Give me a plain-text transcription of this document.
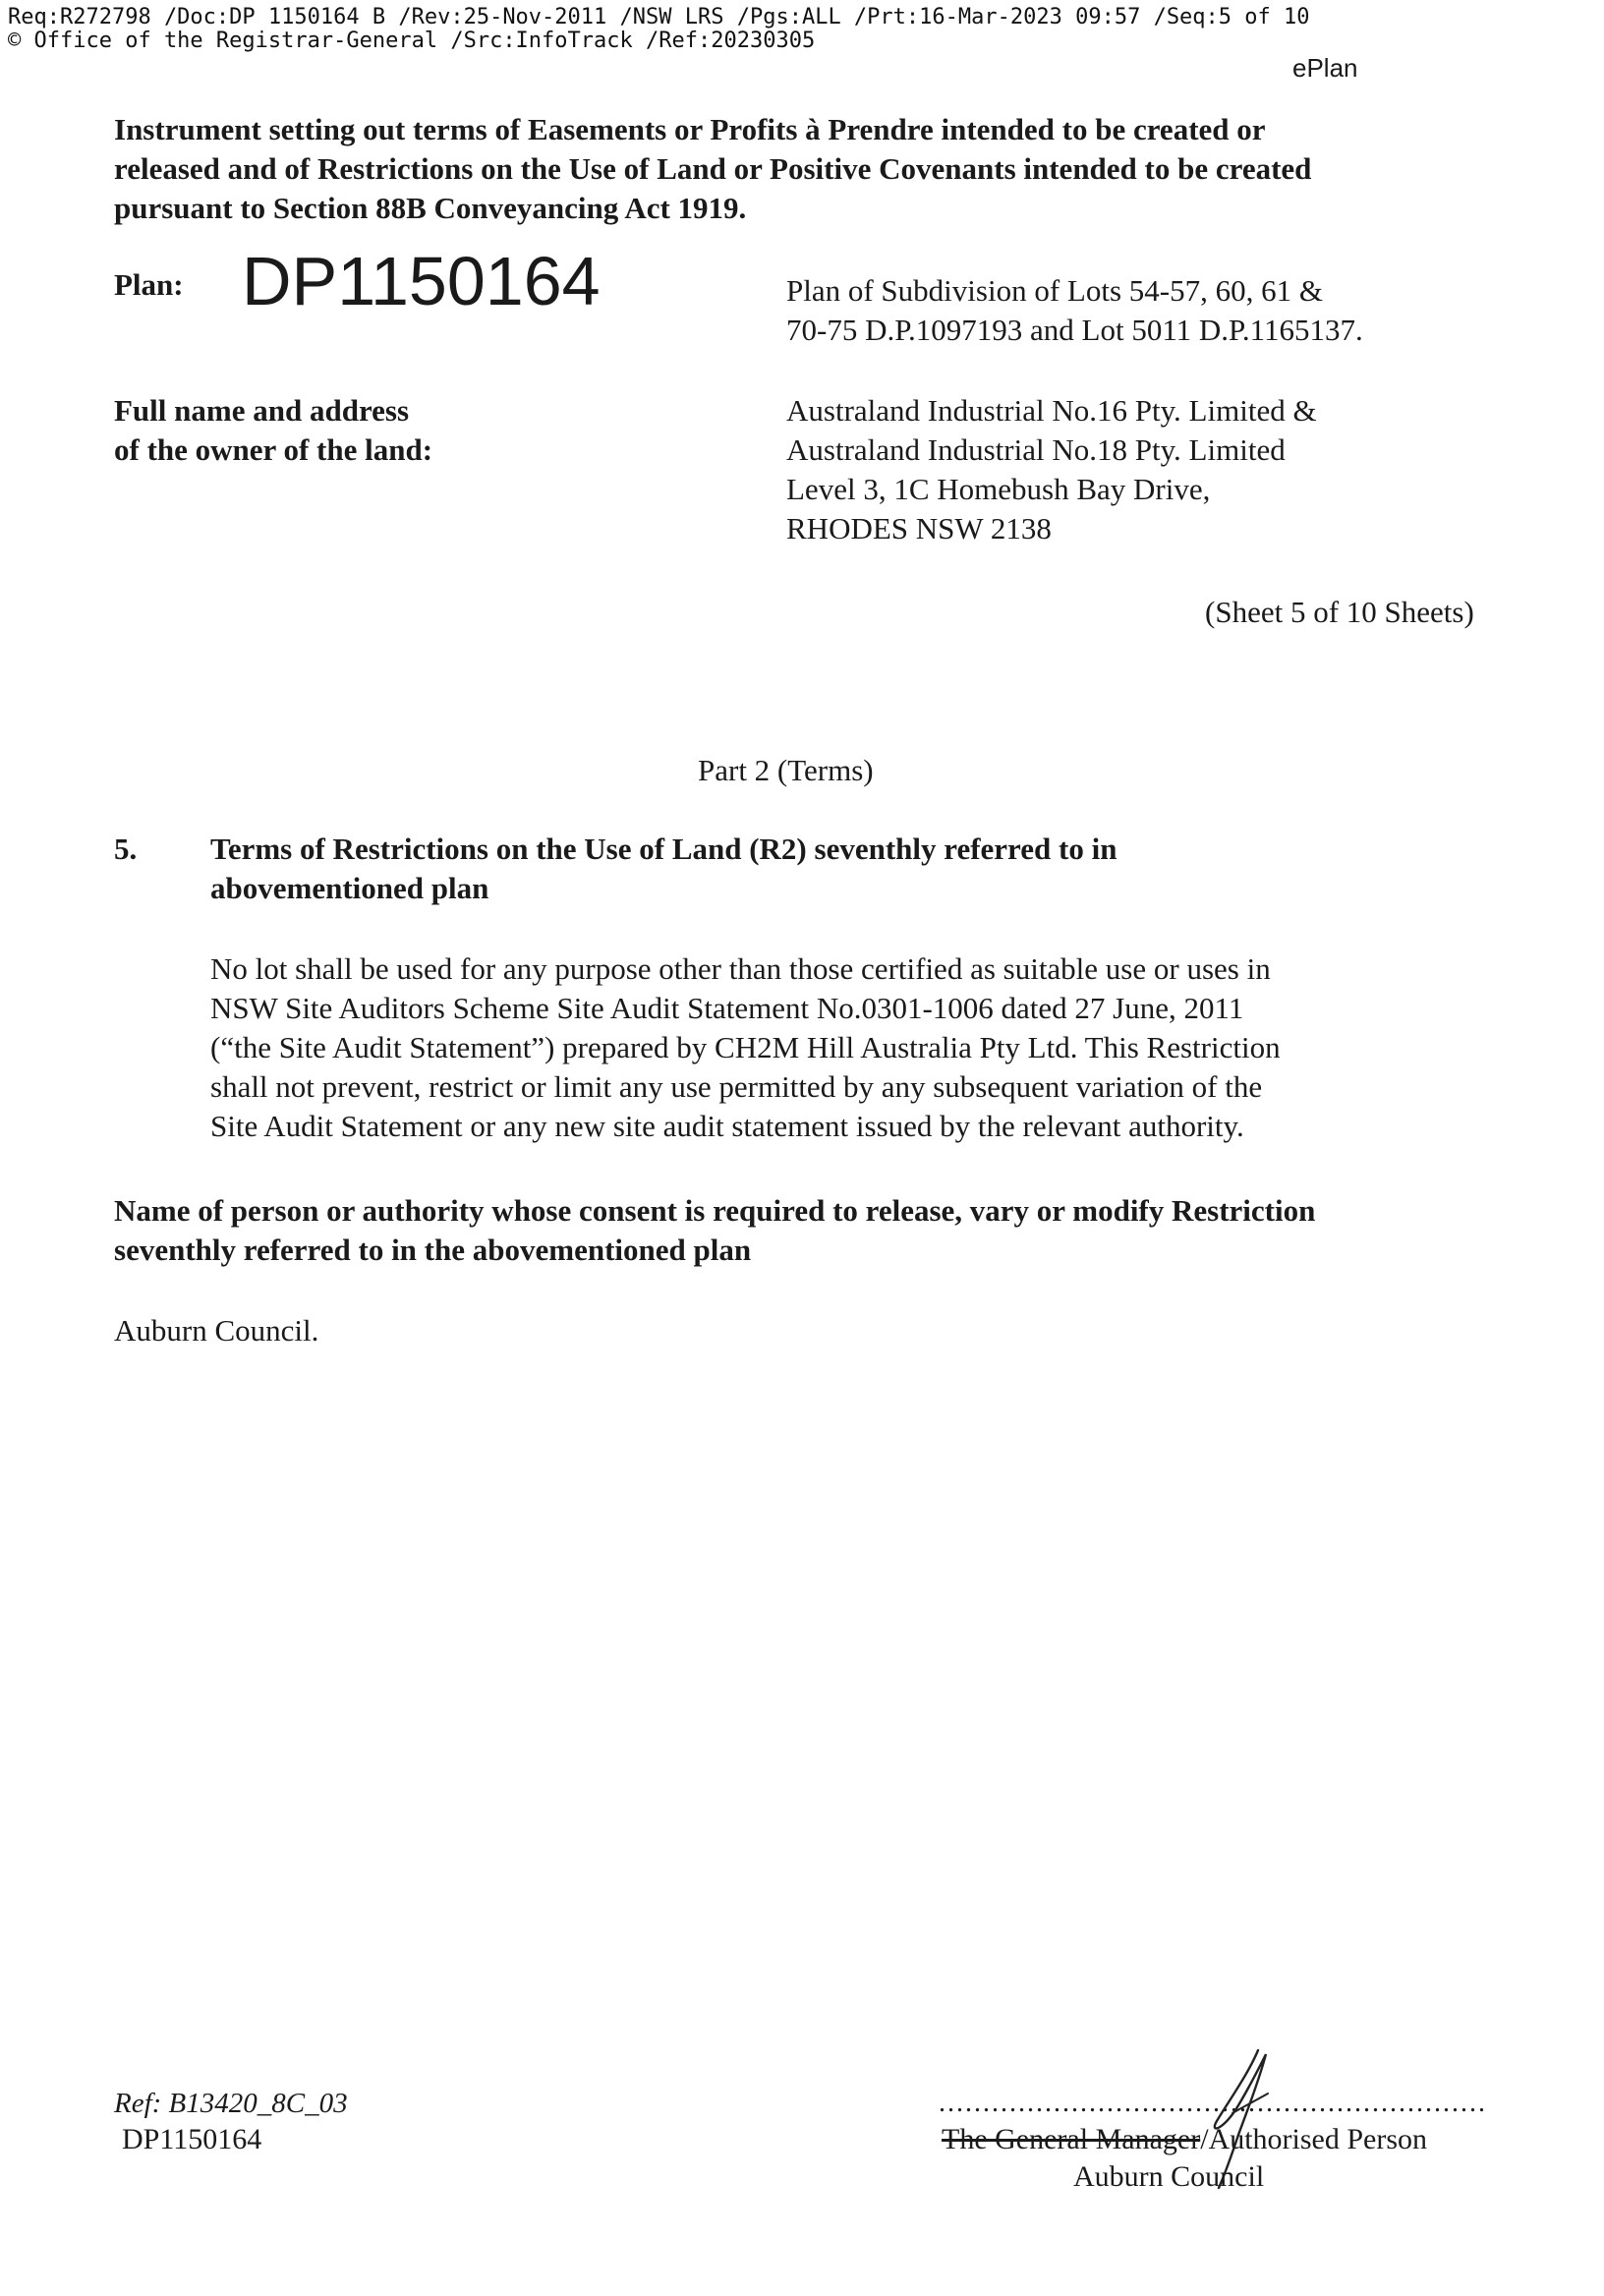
Req:R272798 /Doc:DP 1150164 B /Rev:25-Nov-2011 /NSW LRS /Pgs:ALL /Prt:16-Mar-2023 09:57 /Seq:5 of 10
© Office of the Registrar-General /Src:InfoTrack /Ref:20230305
ePlan
Instrument setting out terms of Easements or Profits à Prendre intended to be created or
released and of Restrictions on the Use of Land or Positive Covenants intended to be created
pursuant to Section 88B Conveyancing Act 1919.
Plan: DP1150164	Plan of Subdivision of Lots 54-57, 60, 61 &
70-75 D.P.1097193 and Lot 5011 D.P.1165137.
Full name and address
of the owner of the land:
Australand Industrial No.16 Pty. Limited &
Australand Industrial No.18 Pty. Limited
Level 3, 1C Homebush Bay Drive,
RHODES NSW 2138
(Sheet 5 of 10 Sheets)
Part 2 (Terms)
5. Terms of Restrictions on the Use of Land (R2) seventhly referred to in
abovementioned plan
No lot shall be used for any purpose other than those certified as suitable use or uses in
NSW Site Auditors Scheme Site Audit Statement No.0301-1006 dated 27 June, 2011
(“the Site Audit Statement”) prepared by CH2M Hill Australia Pty Ltd. This Restriction
shall not prevent, restrict or limit any use permitted by any subsequent variation of the
Site Audit Statement or any new site audit statement issued by the relevant authority.
Name of person or authority whose consent is required to release, vary or modify Restriction
seventhly referred to in the abovementioned plan
Auburn Council.
Ref: B13420_8C_03
DP1150164
..............................................................
The General Manager/Authorised Person
Auburn Council
